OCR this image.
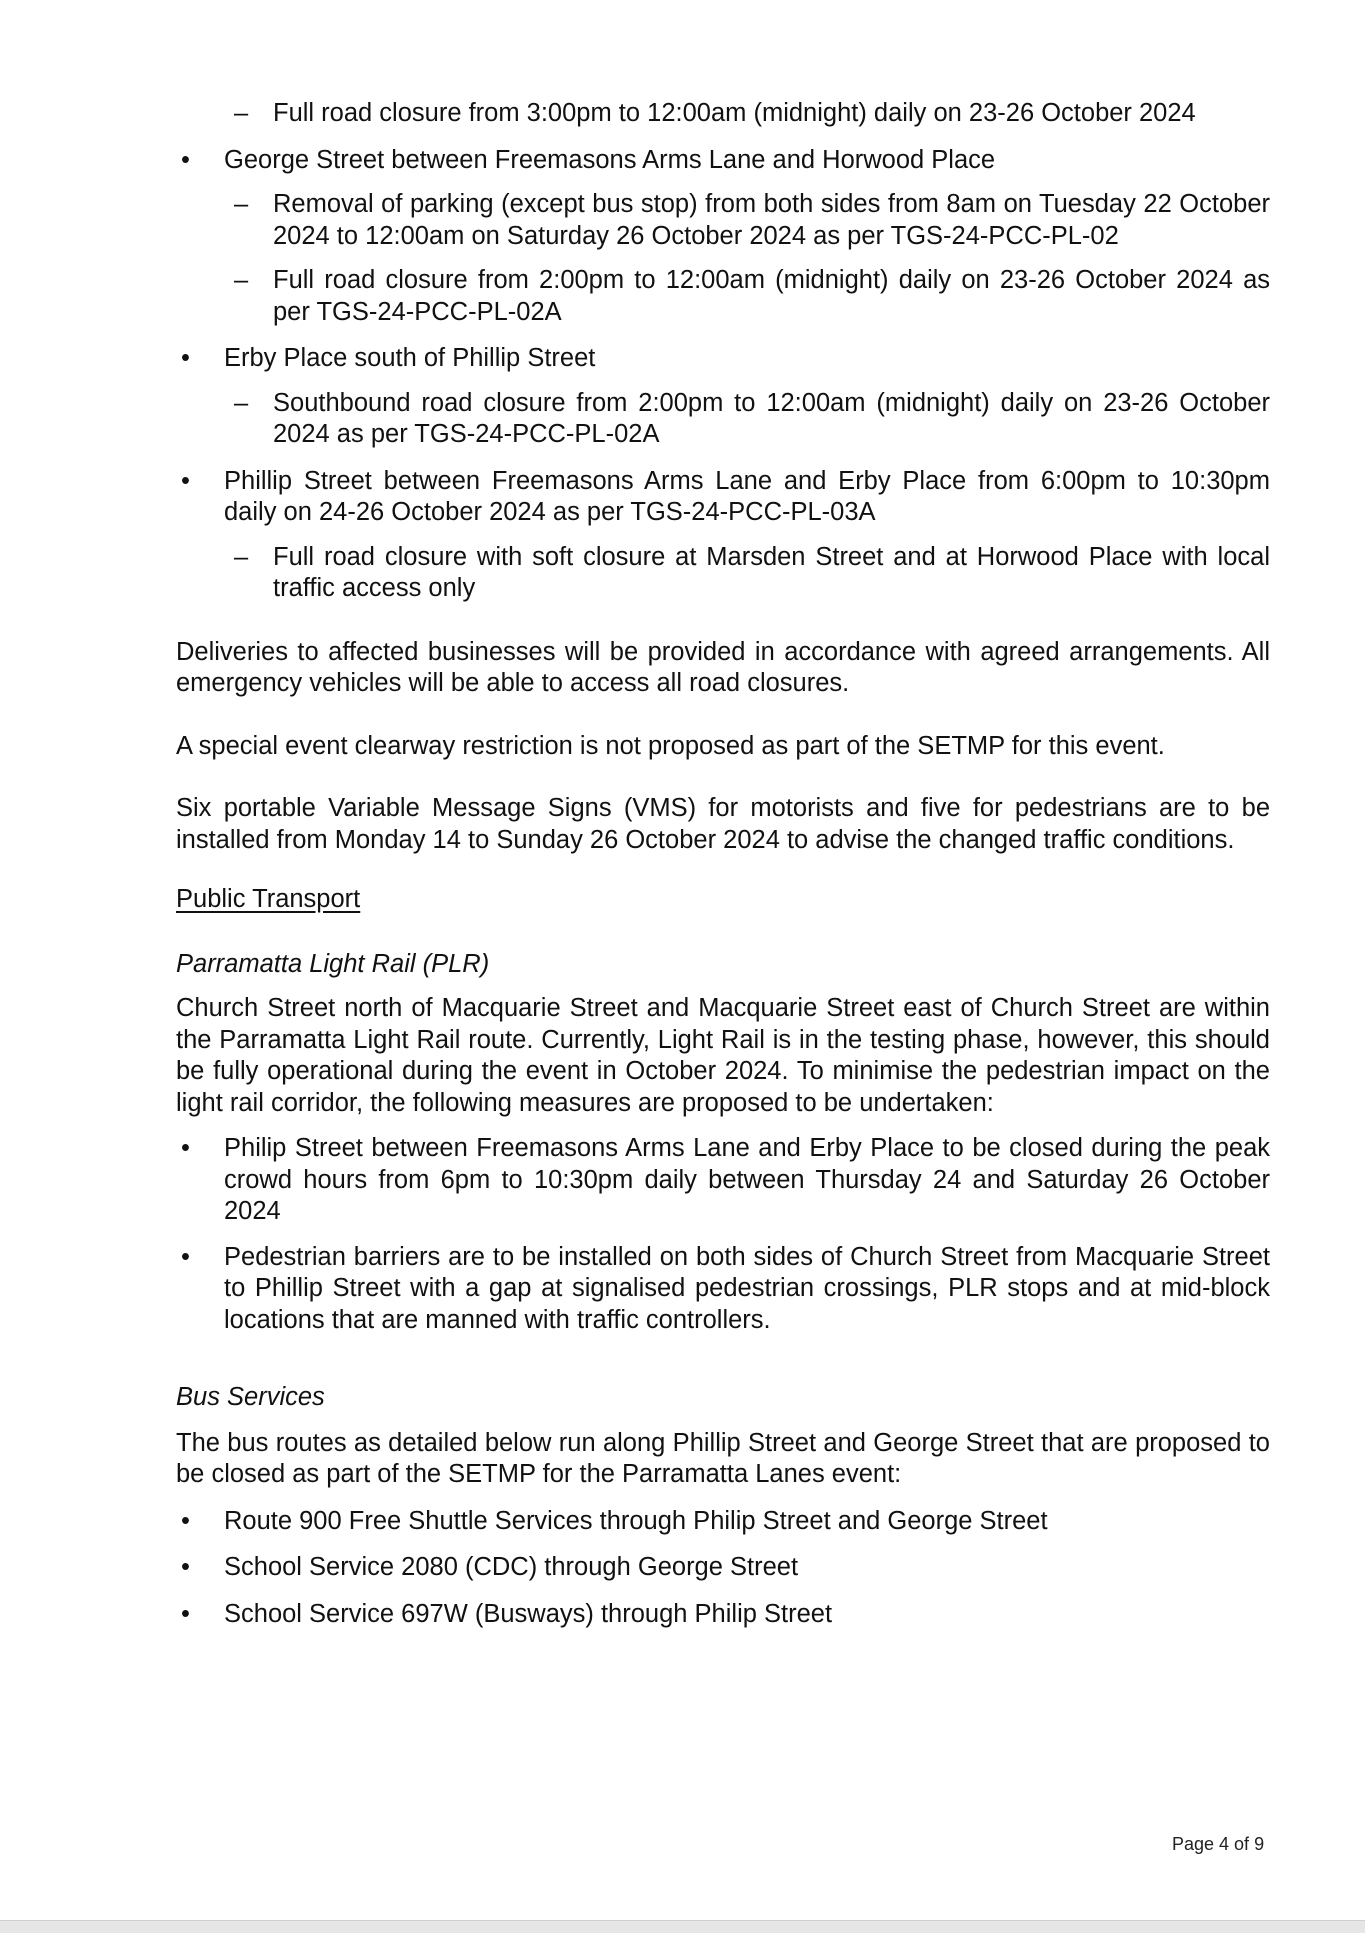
– Full road closure from 3:00pm to 12:00am (midnight) daily on 23-26 October 2024
• George Street between Freemasons Arms Lane and Horwood Place
– Removal of parking (except bus stop) from both sides from 8am on Tuesday 22 October 2024 to 12:00am on Saturday 26 October 2024 as per TGS-24-PCC-PL-02
– Full road closure from 2:00pm to 12:00am (midnight) daily on 23-26 October 2024 as per TGS-24-PCC-PL-02A
• Erby Place south of Phillip Street
– Southbound road closure from 2:00pm to 12:00am (midnight) daily on 23-26 October 2024 as per TGS-24-PCC-PL-02A
• Phillip Street between Freemasons Arms Lane and Erby Place from 6:00pm to 10:30pm daily on 24-26 October 2024 as per TGS-24-PCC-PL-03A
– Full road closure with soft closure at Marsden Street and at Horwood Place with local traffic access only

Deliveries to affected businesses will be provided in accordance with agreed arrangements. All emergency vehicles will be able to access all road closures.

A special event clearway restriction is not proposed as part of the SETMP for this event.

Six portable Variable Message Signs (VMS) for motorists and five for pedestrians are to be installed from Monday 14 to Sunday 26 October 2024 to advise the changed traffic conditions.

Public Transport

Parramatta Light Rail (PLR)

Church Street north of Macquarie Street and Macquarie Street east of Church Street are within the Parramatta Light Rail route. Currently, Light Rail is in the testing phase, however, this should be fully operational during the event in October 2024. To minimise the pedestrian impact on the light rail corridor, the following measures are proposed to be undertaken:

• Philip Street between Freemasons Arms Lane and Erby Place to be closed during the peak crowd hours from 6pm to 10:30pm daily between Thursday 24 and Saturday 26 October 2024
• Pedestrian barriers are to be installed on both sides of Church Street from Macquarie Street to Phillip Street with a gap at signalised pedestrian crossings, PLR stops and at mid-block locations that are manned with traffic controllers.

Bus Services

The bus routes as detailed below run along Phillip Street and George Street that are proposed to be closed as part of the SETMP for the Parramatta Lanes event:

• Route 900 Free Shuttle Services through Philip Street and George Street
• School Service 2080 (CDC) through George Street
• School Service 697W (Busways) through Philip Street
Page 4 of 9
